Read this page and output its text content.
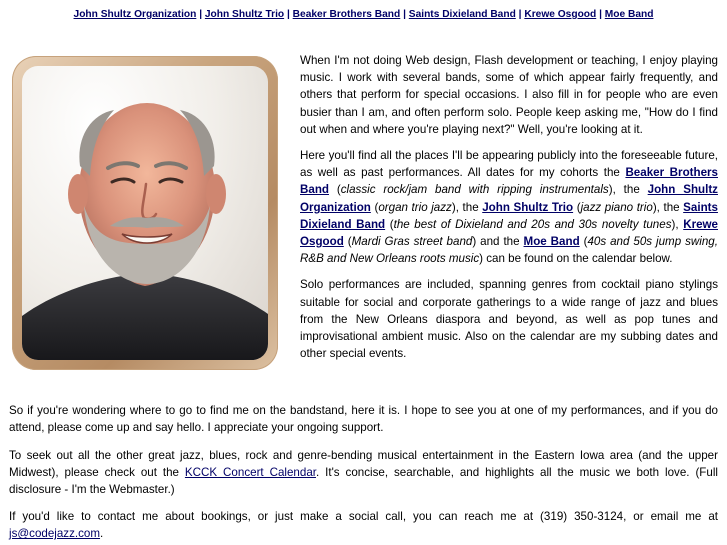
John Shultz Organization | John Shultz Trio | Beaker Brothers Band | Saints Dixieland Band | Krewe Osgood | Moe Band

When I'm not doing Web design, Flash development or teaching, I enjoy playing music. I work with several bands, some of which appear fairly frequently, and others that perform for special occasions. I also fill in for people who are even busier than I am, and often perform solo. People keep asking me, "How do I find out when and where you're playing next?" Well, you're looking at it.

Here you'll find all the places I'll be appearing publicly into the foreseeable future, as well as past performances. All dates for my cohorts the Beaker Brothers Band (classic rock/jam band with ripping instrumentals), the John Shultz Organization (organ trio jazz), the John Shultz Trio (jazz piano trio), the Saints Dixieland Band (the best of Dixieland and 20s and 30s novelty tunes), Krewe Osgood (Mardi Gras street band) and the Moe Band (40s and 50s jump swing, R&B and New Orleans roots music) can be found on the calendar below.

Solo performances are included, spanning genres from cocktail piano stylings suitable for social and corporate gatherings to a wide range of jazz and blues from the New Orleans diaspora and beyond, as well as pop tunes and improvisational ambient music. Also on the calendar are my subbing dates and other special events.

So if you're wondering where to go to find me on the bandstand, here it is. I hope to see you at one of my performances, and if you do attend, please come up and say hello. I appreciate your ongoing support.

To seek out all the other great jazz, blues, rock and genre-bending musical entertainment in the Eastern Iowa area (and the upper Midwest), please check out the KCCK Concert Calendar. It's concise, searchable, and highlights all the music we both love. (Full disclosure - I'm the Webmaster.)

If you'd like to contact me about bookings, or just make a social call, you can reach me at (319) 350-3124, or email me at js@codejazz.com.
